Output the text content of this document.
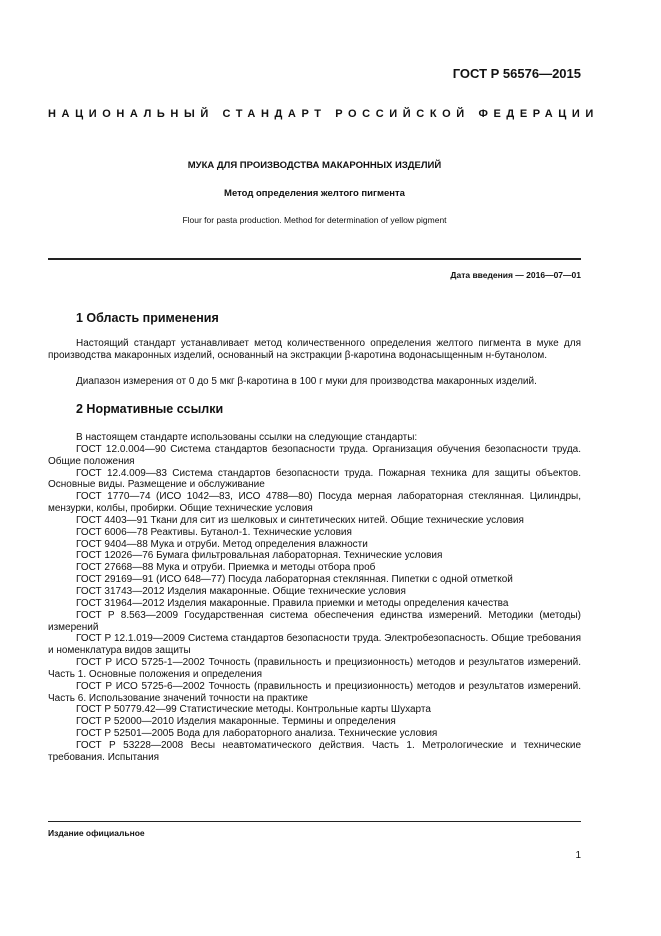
ГОСТ Р 56576—2015
НАЦИОНАЛЬНЫЙ СТАНДАРТ РОССИЙСКОЙ ФЕДЕРАЦИИ
МУКА ДЛЯ ПРОИЗВОДСТВА МАКАРОННЫХ ИЗДЕЛИЙ
Метод определения желтого пигмента
Flour for pasta production. Method for determination of yellow pigment
Дата введения — 2016—07—01
1 Область применения

Настоящий стандарт устанавливает метод количественного определения желтого пигмента в муке для производства макаронных изделий, основанный на экстракции β-каротина водонасыщенным н-бутанолом.

Диапазон измерения от 0 до 5 мкг β-каротина в 100 г муки для производства макаронных изделий.

2 Нормативные ссылки

В настоящем стандарте использованы ссылки на следующие стандарты:

ГОСТ 12.0.004—90 Система стандартов безопасности труда. Организация обучения безопасности труда. Общие положения

ГОСТ 12.4.009—83 Система стандартов безопасности труда. Пожарная техника для защиты объектов. Основные виды. Размещение и обслуживание

ГОСТ 1770—74 (ИСО 1042—83, ИСО 4788—80) Посуда мерная лабораторная стеклянная. Цилиндры, мензурки, колбы, пробирки. Общие технические условия

ГОСТ 4403—91 Ткани для сит из шелковых и синтетических нитей. Общие технические условия

ГОСТ 6006—78 Реактивы. Бутанол-1. Технические условия

ГОСТ 9404—88 Мука и отруби. Метод определения влажности

ГОСТ 12026—76 Бумага фильтровальная лабораторная. Технические условия

ГОСТ 27668—88 Мука и отруби. Приемка и методы отбора проб

ГОСТ 29169—91 (ИСО 648—77) Посуда лабораторная стеклянная. Пипетки с одной отметкой

ГОСТ 31743—2012 Изделия макаронные. Общие технические условия

ГОСТ 31964—2012 Изделия макаронные. Правила приемки и методы определения качества

ГОСТ Р 8.563—2009 Государственная система обеспечения единства измерений. Методики (методы) измерений

ГОСТ Р 12.1.019—2009 Система стандартов безопасности труда. Электробезопасность. Общие требования и номенклатура видов защиты

ГОСТ Р ИСО 5725-1—2002 Точность (правильность и прецизионность) методов и результатов измерений. Часть 1. Основные положения и определения

ГОСТ Р ИСО 5725-6—2002 Точность (правильность и прецизионность) методов и результатов измерений. Часть 6. Использование значений точности на практике

ГОСТ Р 50779.42—99 Статистические методы. Контрольные карты Шухарта

ГОСТ Р 52000—2010 Изделия макаронные. Термины и определения

ГОСТ Р 52501—2005 Вода для лабораторного анализа. Технические условия

ГОСТ Р 53228—2008 Весы неавтоматического действия. Часть 1. Метрологические и технические требования. Испытания

Издание официальное
1
